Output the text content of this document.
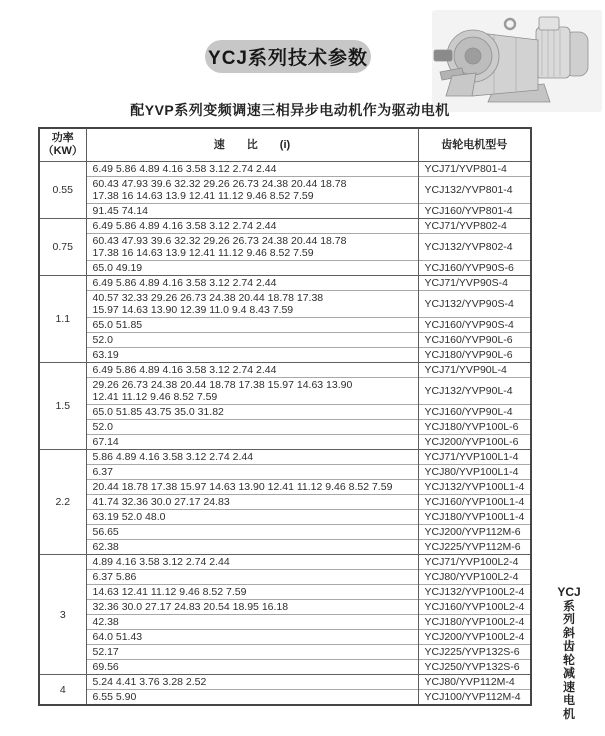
YCJ系列技术参数
配YVP系列变频调速三相异步电动机作为驱动电机
功率
（KW）	速　　比　　(i)	齿轮电机型号
0.55	6.49 5.86 4.89 4.16 3.58 3.12 2.74 2.44	YCJ71/YVP801-4
	60.43 47.93 39.6 32.32 29.26 26.73 24.38 20.44 18.78
17.38 16 14.63 13.9 12.41 11.12 9.46 8.52 7.59	YCJ132/YVP801-4
	91.45 74.14	YCJ160/YVP801-4
0.75	6.49 5.86 4.89 4.16 3.58 3.12 2.74 2.44	YCJ71/YVP802-4
	60.43 47.93 39.6 32.32 29.26 26.73 24.38 20.44 18.78
17.38 16 14.63 13.9 12.41 11.12 9.46 8.52 7.59	YCJ132/YVP802-4
	65.0 49.19	YCJ160/YVP90S-6
1.1	6.49 5.86 4.89 4.16 3.58 3.12 2.74 2.44	YCJ71/YVP90S-4
	40.57 32.33 29.26 26.73 24.38 20.44 18.78 17.38
15.97 14.63 13.90 12.39 11.0 9.4 8.43 7.59	YCJ132/YVP90S-4
	65.0 51.85	YCJ160/YVP90S-4
	52.0	YCJ160/YVP90L-6
	63.19	YCJ180/YVP90L-6
1.5	6.49 5.86 4.89 4.16 3.58 3.12 2.74 2.44	YCJ71/YVP90L-4
	29.26 26.73 24.38 20.44 18.78 17.38 15.97 14.63 13.90
12.41 11.12 9.46 8.52 7.59	YCJ132/YVP90L-4
	65.0 51.85 43.75 35.0 31.82	YCJ160/YVP90L-4
	52.0	YCJ180/YVP100L-6
	67.14	YCJ200/YVP100L-6
2.2	5.86 4.89 4.16 3.58 3.12 2.74 2.44	YCJ71/YVP100L1-4
	6.37	YCJ80/YVP100L1-4
	20.44 18.78 17.38 15.97 14.63 13.90 12.41 11.12 9.46 8.52 7.59	YCJ132/YVP100L1-4
	41.74 32.36 30.0 27.17 24.83	YCJ160/YVP100L1-4
	63.19 52.0 48.0	YCJ180/YVP100L1-4
	56.65	YCJ200/YVP112M-6
	62.38	YCJ225/YVP112M-6
3	4.89 4.16 3.58 3.12 2.74 2.44	YCJ71/YVP100L2-4
	6.37 5.86	YCJ80/YVP100L2-4
	14.63 12.41 11.12 9.46 8.52 7.59	YCJ132/YVP100L2-4
	32.36 30.0 27.17 24.83 20.54 18.95 16.18	YCJ160/YVP100L2-4
	42.38	YCJ180/YVP100L2-4
	64.0 51.43	YCJ200/YVP100L2-4
	52.17	YCJ225/YVP132S-6
	69.56	YCJ250/YVP132S-6
4	5.24 4.41 3.76 3.28 2.52	YCJ80/YVP112M-4
	6.55 5.90	YCJ100/YVP112M-4
YCJ
系
列
斜
齿
轮
减
速
电
机
